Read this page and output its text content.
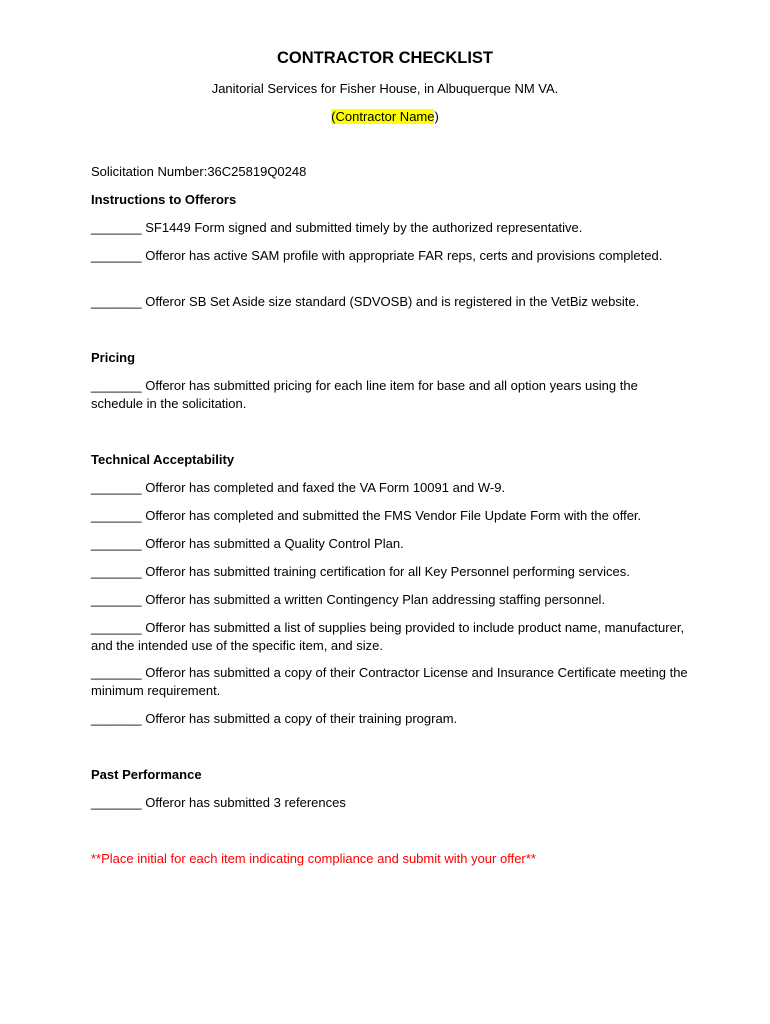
CONTRACTOR CHECKLIST
Janitorial Services for Fisher House, in Albuquerque NM VA.
(Contractor Name)
Solicitation Number:36C25819Q0248
Instructions to Offerors
_______ SF1449 Form signed and submitted timely by the authorized representative.
_______ Offeror has active SAM profile with appropriate FAR reps, certs and provisions completed.
_______ Offeror SB Set Aside size standard (SDVOSB) and is registered in the VetBiz website.
Pricing
_______ Offeror has submitted pricing for each line item for base and all option years using the schedule in the solicitation.
Technical Acceptability
_______ Offeror has completed and faxed the VA Form 10091 and W-9.
_______ Offeror has completed and submitted the FMS Vendor File Update Form with the offer.
_______ Offeror has submitted a Quality Control Plan.
_______ Offeror has submitted training certification for all Key Personnel performing services.
_______ Offeror has submitted a written Contingency Plan addressing staffing personnel.
_______ Offeror has submitted a list of supplies being provided to include product name, manufacturer, and the intended use of the specific item, and size.
_______ Offeror has submitted a copy of their Contractor License and Insurance Certificate meeting the minimum requirement.
_______ Offeror has submitted a copy of their training program.
Past Performance
_______ Offeror has submitted 3 references
**Place initial for each item indicating compliance and submit with your offer**
